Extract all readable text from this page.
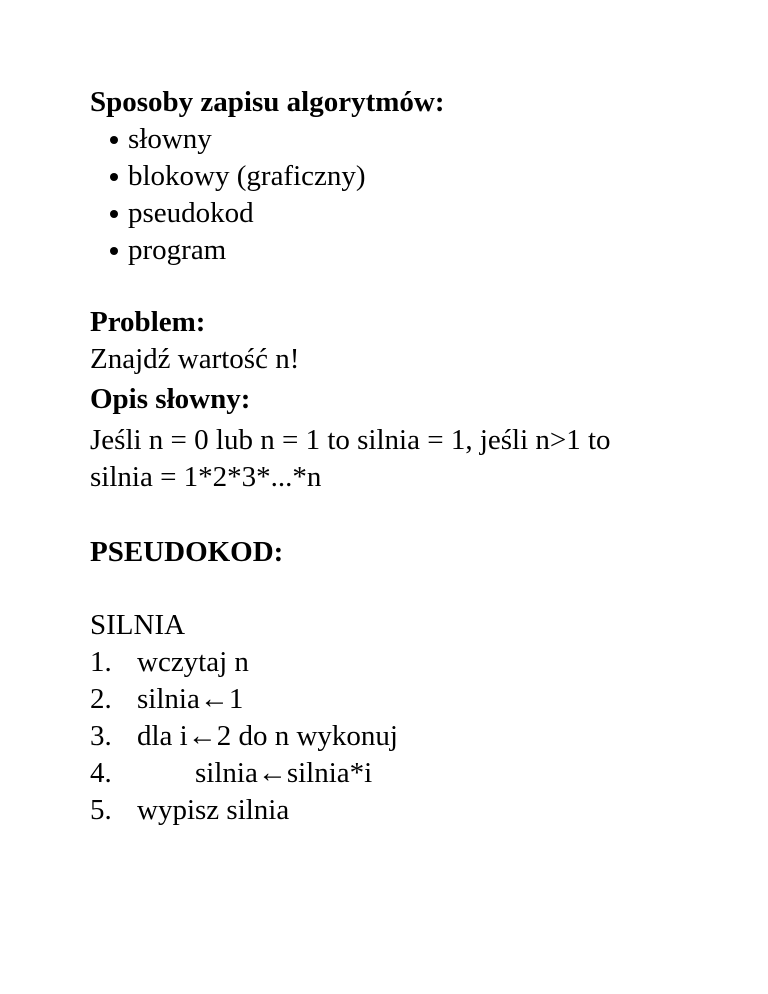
Sposoby zapisu algorytmów:
słowny
blokowy (graficzny)
pseudokod
program
Problem:
Znajdź wartość n!
Opis słowny:
Jeśli n = 0 lub n = 1 to silnia = 1, jeśli n>1 to
silnia = 1*2*3*...*n
PSEUDOKOD:
SILNIA
1. wczytaj n
2. silnia←1
3. dla i←2 do n wykonuj
4.	silnia←silnia*i
5. wypisz silnia
